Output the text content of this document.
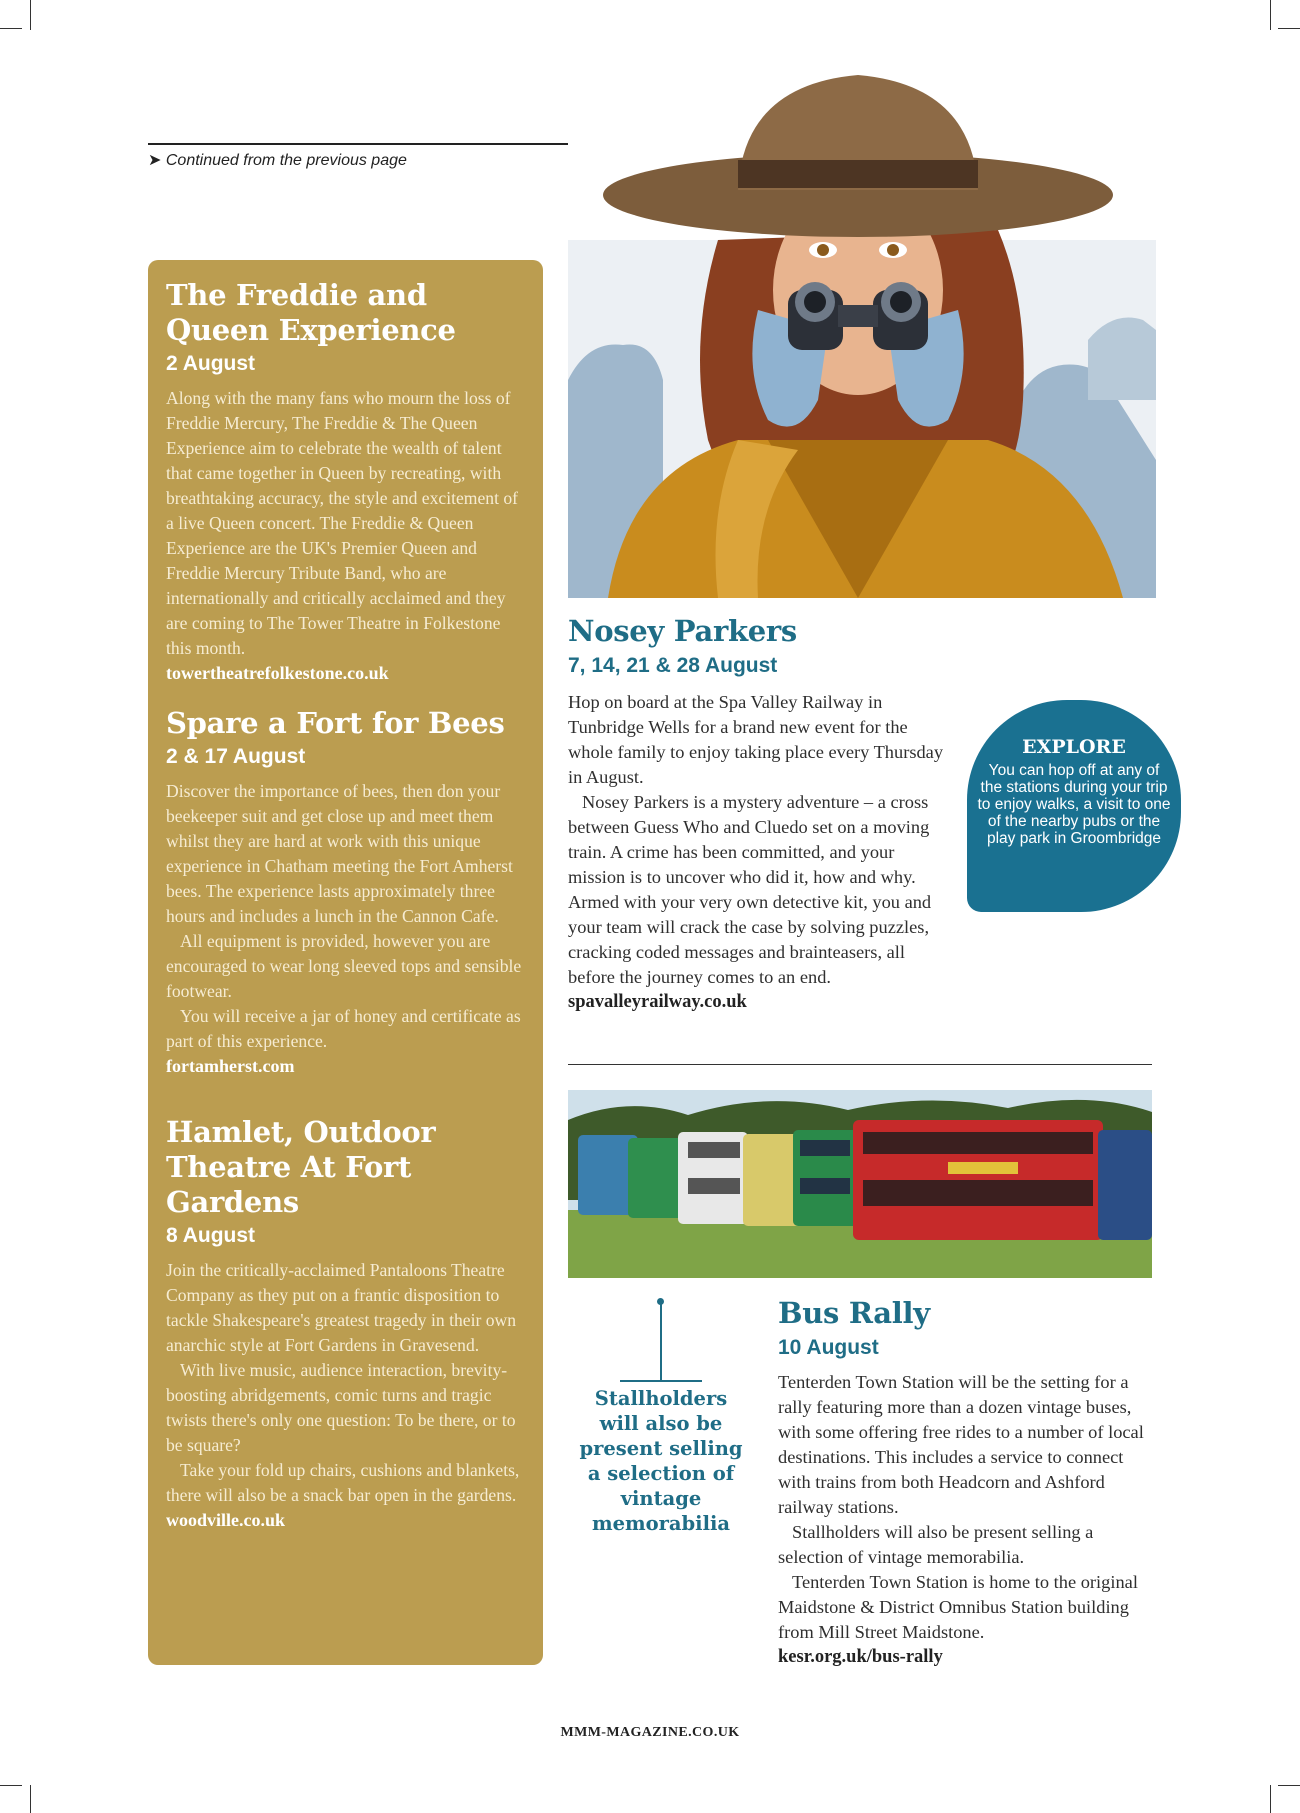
➤ Continued from the previous page
The Freddie and Queen Experience
2 August

Along with the many fans who mourn the loss of Freddie Mercury, The Freddie & The Queen Experience aim to celebrate the wealth of talent that came together in Queen by recreating, with breathtaking accuracy, the style and excitement of a live Queen concert. The Freddie & Queen Experience are the UK's Premier Queen and Freddie Mercury Tribute Band, who are internationally and critically acclaimed and they are coming to The Tower Theatre in Folkestone this month.

towertheatrefolkestone.co.uk
Spare a Fort for Bees
2 & 17 August

Discover the importance of bees, then don your beekeeper suit and get close up and meet them whilst they are hard at work with this unique experience in Chatham meeting the Fort Amherst bees. The experience lasts approximately three hours and includes a lunch in the Cannon Cafe.

All equipment is provided, however you are encouraged to wear long sleeved tops and sensible footwear.

You will receive a jar of honey and certificate as part of this experience.

fortamherst.com
Hamlet, Outdoor Theatre At Fort Gardens
8 August

Join the critically-acclaimed Pantaloons Theatre Company as they put on a frantic disposition to tackle Shakespeare's greatest tragedy in their own anarchic style at Fort Gardens in Gravesend.

With live music, audience interaction, brevity-boosting abridgements, comic turns and tragic twists there's only one question: To be there, or to be square?

Take your fold up chairs, cushions and blankets, there will also be a snack bar open in the gardens.

woodville.co.uk
Nosey Parkers
7, 14, 21 & 28 August

Hop on board at the Spa Valley Railway in Tunbridge Wells for a brand new event for the whole family to enjoy taking place every Thursday in August.

Nosey Parkers is a mystery adventure – a cross between Guess Who and Cluedo set on a moving train. A crime has been committed, and your mission is to uncover who did it, how and why. Armed with your very own detective kit, you and your team will crack the case by solving puzzles, cracking coded messages and brainteasers, all before the journey comes to an end.

spavalleyrailway.co.uk
EXPLORE
You can hop off at any of the stations during your trip to enjoy walks, a visit to one of the nearby pubs or the play park in Groombridge
Stallholders will also be present selling a selection of vintage memorabilia
Bus Rally
10 August

Tenterden Town Station will be the setting for a rally featuring more than a dozen vintage buses, with some offering free rides to a number of local destinations. This includes a service to connect with trains from both Headcorn and Ashford railway stations.

Stallholders will also be present selling a selection of vintage memorabilia.

Tenterden Town Station is home to the original Maidstone & District Omnibus Station building from Mill Street Maidstone.

kesr.org.uk/bus-rally
MMM-MAGAZINE.CO.UK
